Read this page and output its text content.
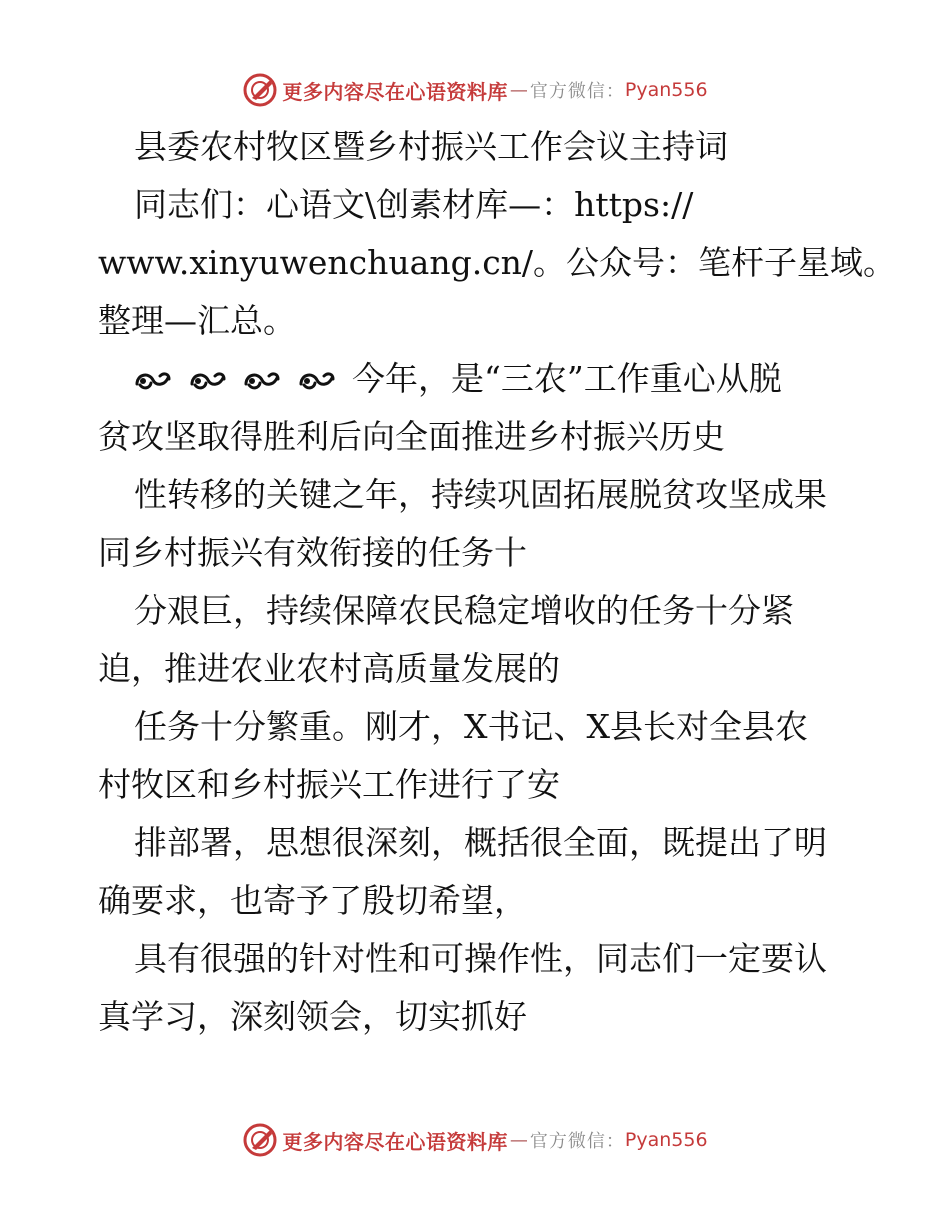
更多内容尽在心语资料库 — 官方微信： Pyan556
县委农村牧区暨乡村振兴工作会议主持词
同志们：心语文\创素材库—：https://
www.xinyuwenchuang.cn/。公众号：笔杆子星域。
整理—汇总。
今年，是“三农”工作重心从脱
贫攻坚取得胜利后向全面推进乡村振兴历史
性转移的关键之年，持续巩固拓展脱贫攻坚成果
同乡村振兴有效衔接的任务十
分艰巨，持续保障农民稳定增收的任务十分紧
迫，推进农业农村高质量发展的
任务十分繁重。刚才，X书记、X县长对全县农
村牧区和乡村振兴工作进行了安
排部署，思想很深刻，概括很全面，既提出了明
确要求，也寄予了殷切希望，
具有很强的针对性和可操作性，同志们一定要认
真学习，深刻领会，切实抓好
更多内容尽在心语资料库 — 官方微信： Pyan556
